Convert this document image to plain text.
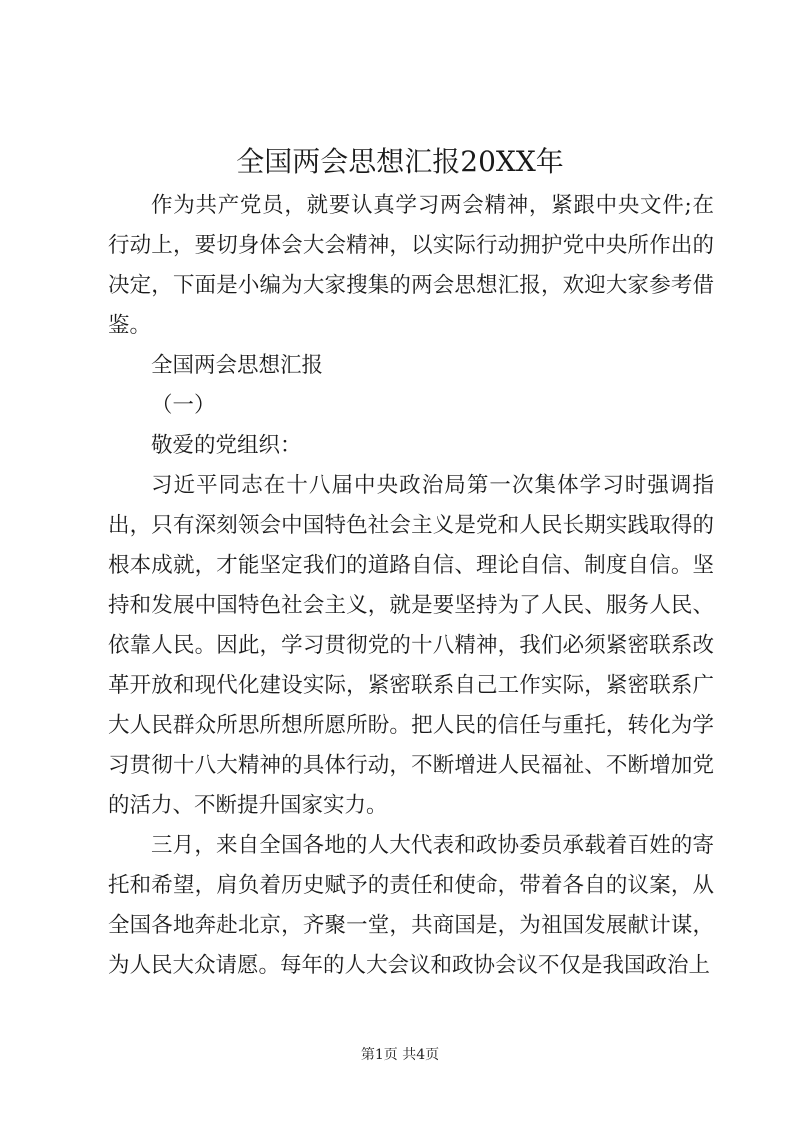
全国两会思想汇报20XX年

作为共产党员，就要认真学习两会精神，紧跟中央文件;在行动上，要切身体会大会精神，以实际行动拥护党中央所作出的决定，下面是小编为大家搜集的两会思想汇报，欢迎大家参考借鉴。

全国两会思想汇报

（一）

敬爱的党组织：

习近平同志在十八届中央政治局第一次集体学习时强调指出，只有深刻领会中国特色社会主义是党和人民长期实践取得的根本成就，才能坚定我们的道路自信、理论自信、制度自信。坚持和发展中国特色社会主义，就是要坚持为了人民、服务人民、依靠人民。因此，学习贯彻党的十八精神，我们必须紧密联系改革开放和现代化建设实际，紧密联系自己工作实际，紧密联系广大人民群众所思所想所愿所盼。把人民的信任与重托，转化为学习贯彻十八大精神的具体行动，不断增进人民福祉、不断增加党的活力、不断提升国家实力。

三月，来自全国各地的人大代表和政协委员承载着百姓的寄托和希望，肩负着历史赋予的责任和使命，带着各自的议案，从全国各地奔赴北京，齐聚一堂，共商国是，为祖国发展献计谋，为人民大众请愿。每年的人大会议和政协会议不仅是我国政治上

第1页 共4页
